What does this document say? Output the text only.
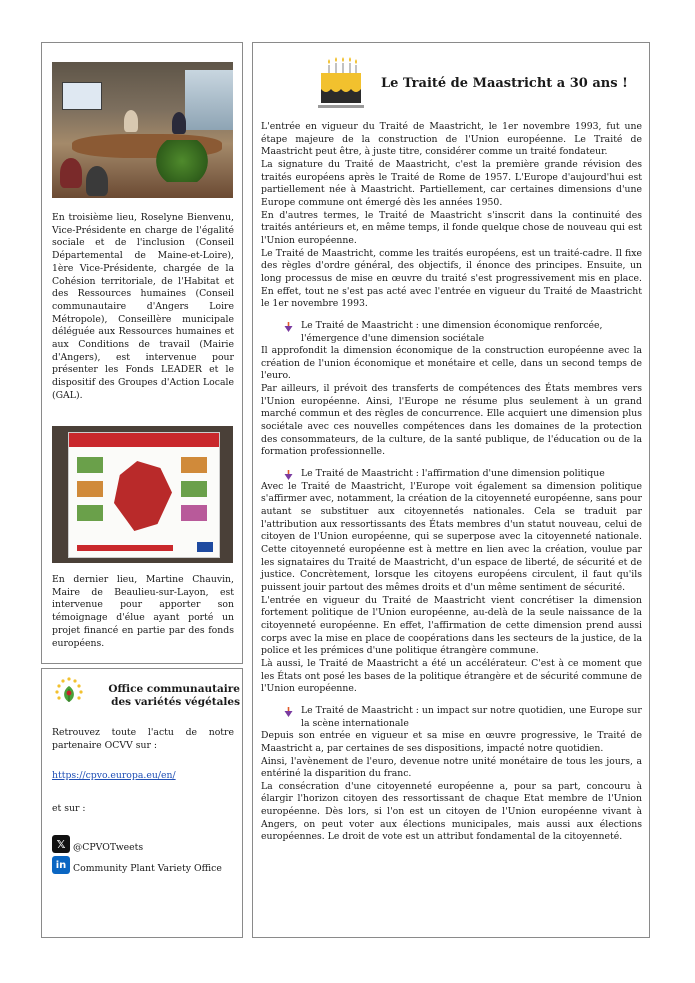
En troisième lieu, Roselyne Bienvenu, Vice-Présidente en charge de l'égalité sociale et de l'inclusion (Conseil Départemental de Maine-et-Loire), 1ère Vice-Présidente, chargée de la Cohésion territoriale, de l'Habitat et des Ressources humaines (Conseil communautaire d'Angers Loire Métropole), Conseillère municipale déléguée aux Ressources humaines et aux Conditions de travail (Mairie d'Angers), est intervenue pour présenter les Fonds LEADER et le dispositif des Groupes d'Action Locale (GAL).

En dernier lieu, Martine Chauvin, Maire de Beaulieu-sur-Layon, est intervenue pour apporter son témoignage d'élue ayant porté un projet financé en partie par des fonds européens.

Office communautaire
des variétés végétales

Retrouvez toute l'actu de notre partenaire OCVV sur :

https://cpvo.europa.eu/en/

et sur :

𝕏 @CPVOTweets
in Community Plant Variety Office
Le Traité de Maastricht a 30 ans !

L'entrée en vigueur du Traité de Maastricht, le 1er novembre 1993, fut une étape majeure de la construction de l'Union européenne. Le Traité de Maastricht peut être, à juste titre, considérer comme un traité fondateur.

La signature du Traité de Maastricht, c'est la première grande révision des traités européens après le Traité de Rome de 1957. L'Europe d'aujourd'hui est partiellement née à Maastricht. Partiellement, car certaines dimensions d'une Europe commune ont émergé dès les années 1950.

En d'autres termes, le Traité de Maastricht s'inscrit dans la continuité des traités antérieurs et, en même temps, il fonde quelque chose de nouveau qui est l'Union européenne.

Le Traité de Maastricht, comme les traités européens, est un traité-cadre. Il fixe des règles d'ordre général, des objectifs, il énonce des principes. Ensuite, un long processus de mise en œuvre du traité s'est progressivement mis en place. En effet, tout ne s'est pas acté avec l'entrée en vigueur du Traité de Maastricht le 1er novembre 1993.

Le Traité de Maastricht : une dimension économique renforcée, l'émergence d'une dimension sociétale

Il approfondit la dimension économique de la construction européenne avec la création de l'union économique et monétaire et celle, dans un second temps de l'euro.

Par ailleurs, il prévoit des transferts de compétences des États membres vers l'Union européenne. Ainsi, l'Europe ne résume plus seulement à un grand marché commun et des règles de concurrence. Elle acquiert une dimension plus sociétale avec ces nouvelles compétences dans les domaines de la protection des consommateurs, de la culture, de la santé publique, de l'éducation ou de la formation professionnelle.

Le Traité de Maastricht : l'affirmation d'une dimension politique

Avec le Traité de Maastricht, l'Europe voit également sa dimension politique s'affirmer avec, notamment, la création de la citoyenneté européenne, sans pour autant se substituer aux citoyennetés nationales. Cela se traduit par l'attribution aux ressortissants des États membres d'un statut nouveau, celui de citoyen de l'Union européenne, qui se superpose avec la citoyenneté nationale. Cette citoyenneté européenne est à mettre en lien avec la création, voulue par les signataires du Traité de Maastricht, d'un espace de liberté, de sécurité et de justice. Concrètement, lorsque les citoyens européens circulent, il faut qu'ils puissent jouir partout des mêmes droits et d'un même sentiment de sécurité.

L'entrée en vigueur du Traité de Maastricht vient concrétiser la dimension fortement politique de l'Union européenne, au-delà de la seule naissance de la citoyenneté européenne. En effet, l'affirmation de cette dimension prend aussi corps avec la mise en place de coopérations dans les secteurs de la justice, de la police et les prémices d'une politique étrangère commune.

Là aussi, le Traité de Maastricht a été un accélérateur. C'est à ce moment que les États ont posé les bases de la politique étrangère et de sécurité commune de l'Union européenne.

Le Traité de Maastricht : un impact sur notre quotidien, une Europe sur la scène internationale

Depuis son entrée en vigueur et sa mise en œuvre progressive, le Traité de Maastricht a, par certaines de ses dispositions, impacté notre quotidien.

Ainsi, l'avènement de l'euro, devenue notre unité monétaire de tous les jours, a entériné la disparition du franc.

La consécration d'une citoyenneté européenne a, pour sa part, concouru à élargir l'horizon citoyen des ressortissant de chaque Etat membre de l'Union européenne. Dès lors, si l'on est un citoyen de l'Union européenne vivant à Angers, on peut voter aux élections municipales, mais aussi aux élections européennes. Le droit de vote est un attribut fondamental de la citoyenneté.
